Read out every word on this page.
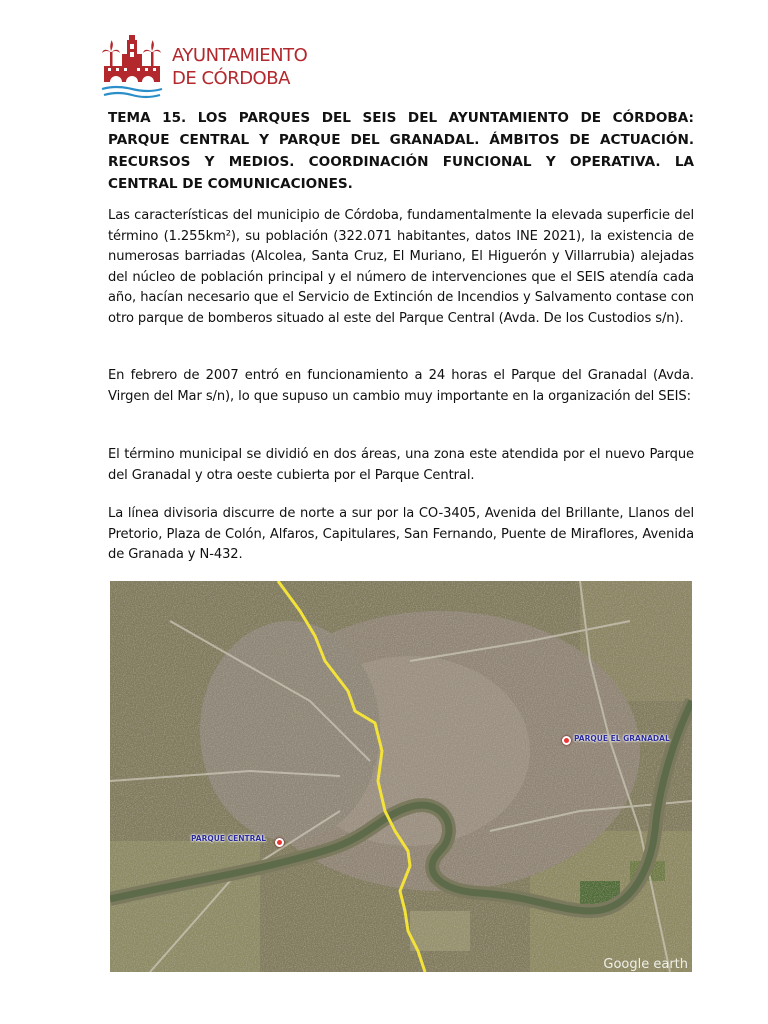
AYUNTAMIENTO
DE CÓRDOBA

TEMA 15. LOS PARQUES DEL SEIS DEL AYUNTAMIENTO DE CÓRDOBA: PARQUE CENTRAL Y PARQUE DEL GRANADAL. ÁMBITOS DE ACTUACIÓN. RECURSOS Y MEDIOS. COORDINACIÓN FUNCIONAL Y OPERATIVA. LA CENTRAL DE COMUNICACIONES.

Las características del municipio de Córdoba, fundamentalmente la elevada superficie del término (1.255km²), su población (322.071 habitantes, datos INE 2021), la existencia de numerosas barriadas (Alcolea, Santa Cruz, El Muriano, El Higuerón y Villarrubia) alejadas del núcleo de población principal y el número de intervenciones que el SEIS atendía cada año, hacían necesario que el Servicio de Extinción de Incendios y Salvamento contase con otro parque de bomberos situado al este del Parque Central (Avda. De los Custodios s/n).

En febrero de 2007 entró en funcionamiento a 24 horas el Parque del Granadal (Avda. Virgen del Mar s/n), lo que supuso un cambio muy importante en la organización del SEIS:

El término municipal se dividió en dos áreas, una zona este atendida por el nuevo Parque del Granadal y otra oeste cubierta por el Parque Central.

La línea divisoria discurre de norte a sur por la CO-3405, Avenida del Brillante, Llanos del Pretorio, Plaza de Colón, Alfaros, Capitulares, San Fernando, Puente de Miraflores, Avenida de Granada y N-432.

PARQUE EL GRANADAL
PARQUE CENTRAL
Google earth
